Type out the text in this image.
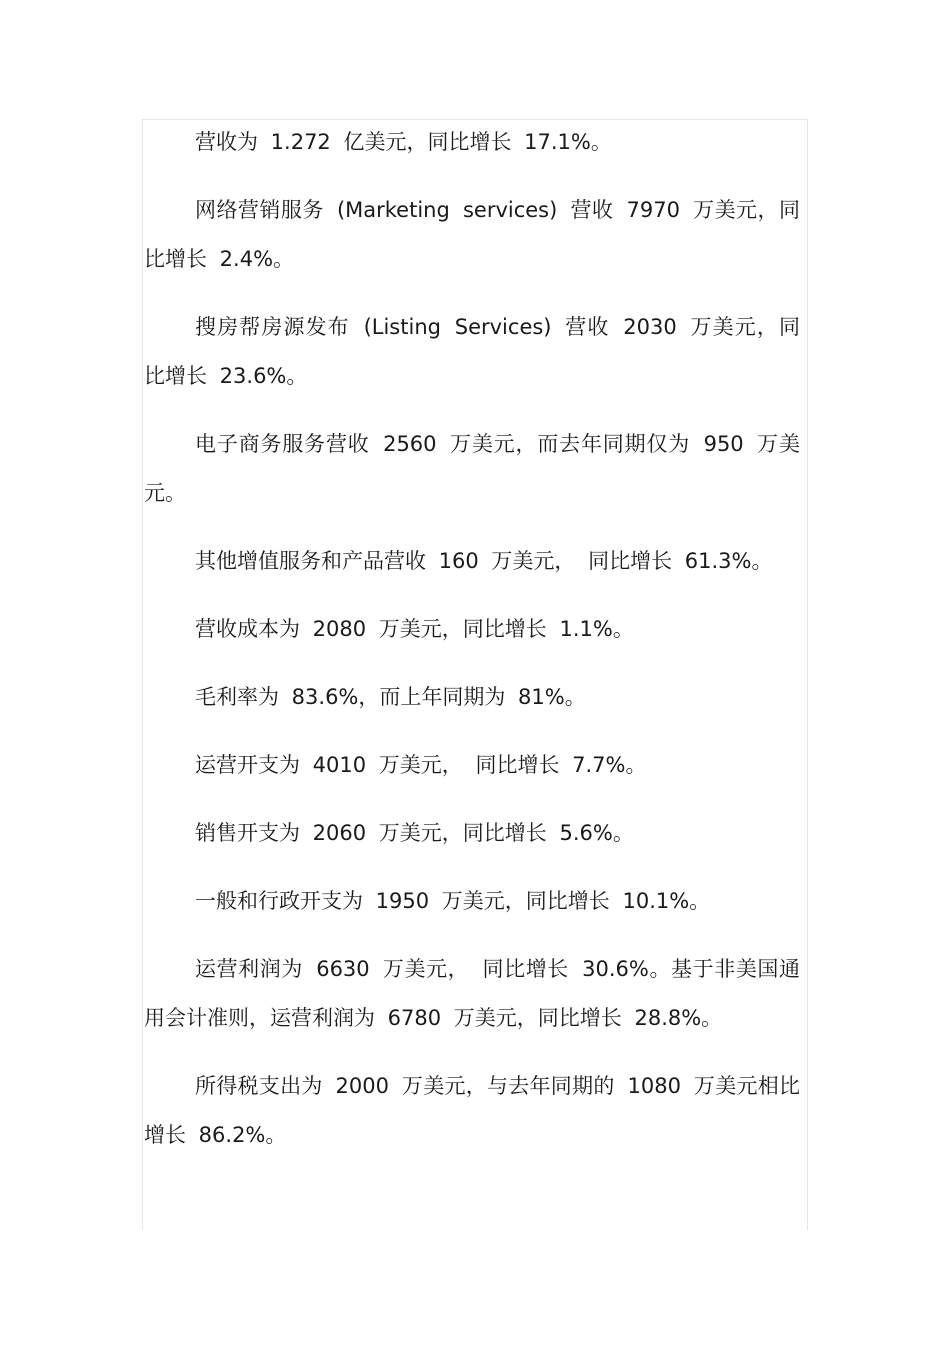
营收为 1.272 亿美元，同比增长 17.1%。

网络营销服务 (Marketing services) 营收 7970 万美元，同比增长 2.4%。

搜房帮房源发布 (Listing Services) 营收 2030 万美元，同比增长 23.6%。

电子商务服务营收 2560 万美元，而去年同期仅为 950 万美元。

其他增值服务和产品营收 160 万美元， 同比增长 61.3%。

营收成本为 2080 万美元，同比增长 1.1%。

毛利率为 83.6%，而上年同期为 81%。

运营开支为 4010 万美元， 同比增长 7.7%。

销售开支为 2060 万美元，同比增长 5.6%。

一般和行政开支为 1950 万美元，同比增长 10.1%。

运营利润为 6630 万美元， 同比增长 30.6%。基于非美国通用会计准则，运营利润为 6780 万美元，同比增长 28.8%。

所得税支出为 2000 万美元，与去年同期的 1080 万美元相比增长 86.2%。
